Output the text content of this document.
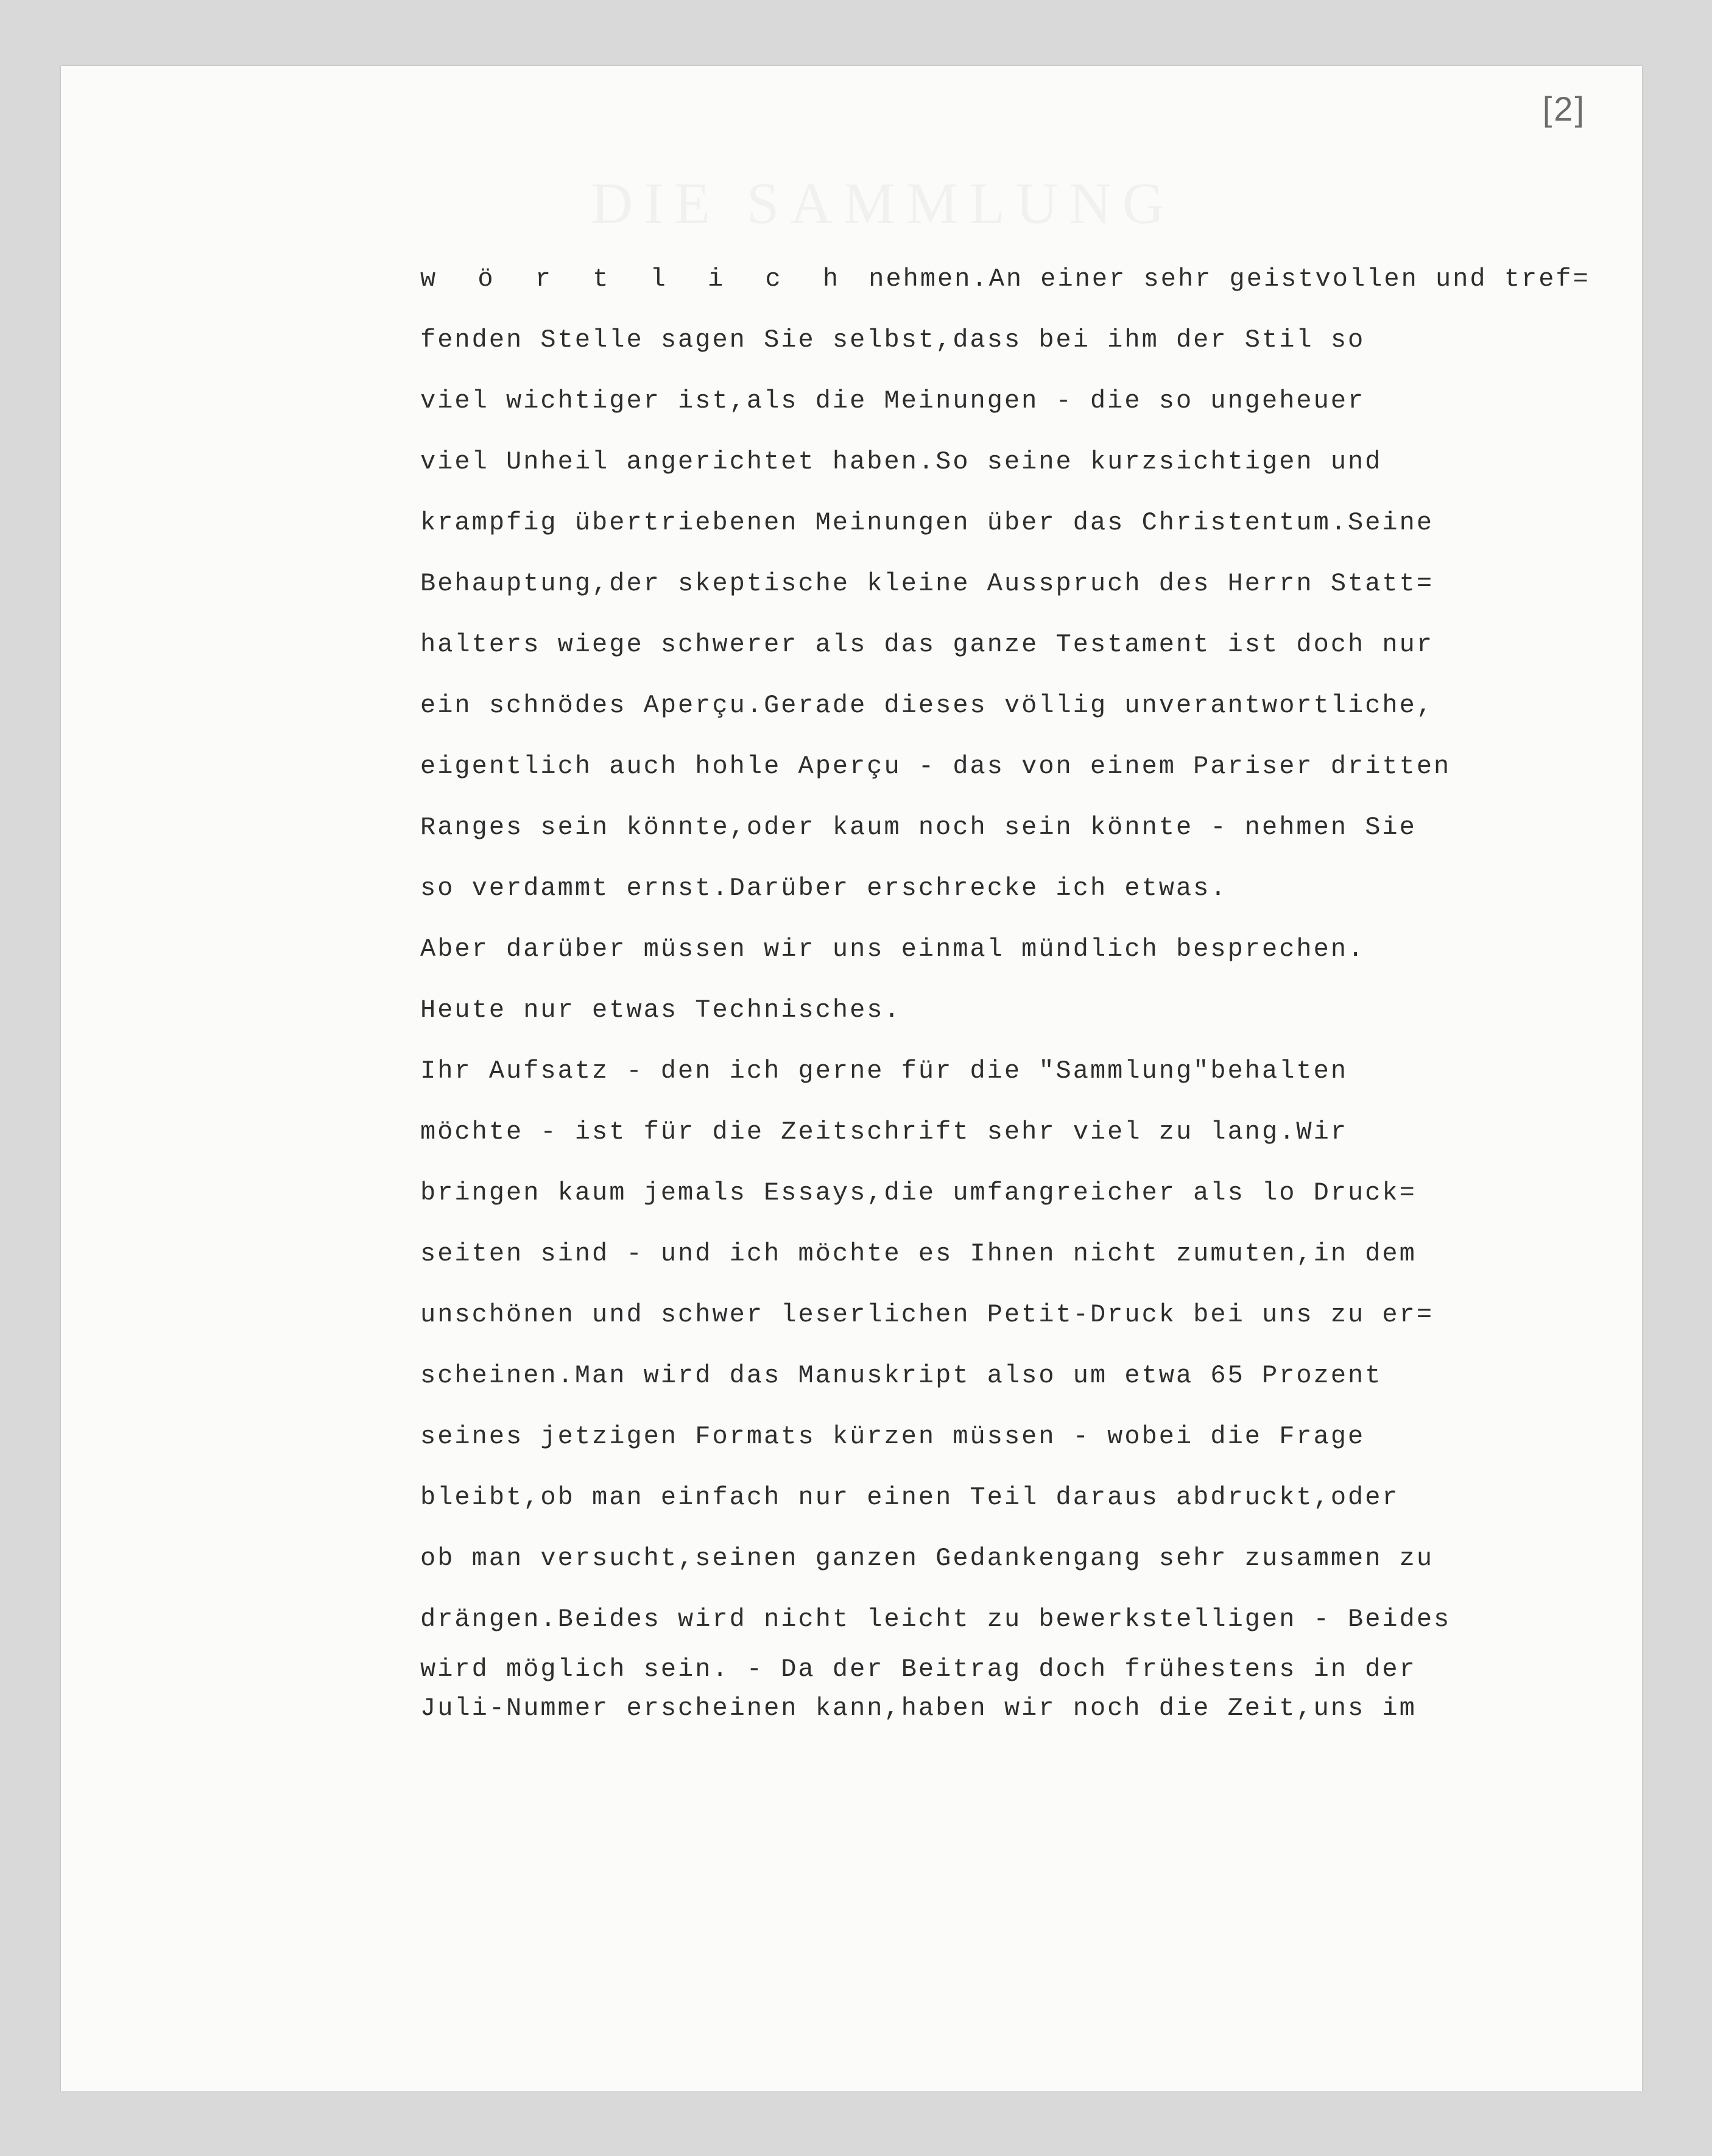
DIE SAMMLUNG
[2]
w ö r t l i c h nehmen.An einer sehr geistvollen und tref=
fenden Stelle sagen Sie selbst,dass bei ihm der Stil so
viel wichtiger ist,als die Meinungen - die so ungeheuer
viel Unheil angerichtet haben.So seine kurzsichtigen und
krampfig übertriebenen Meinungen über das Christentum.Seine
Behauptung,der skeptische kleine Ausspruch des Herrn Statt=
halters wiege schwerer als das ganze Testament ist doch nur
ein schnödes Aperçu.Gerade dieses völlig unverantwortliche,
eigentlich auch hohle Aperçu - das von einem Pariser dritten
Ranges sein könnte,oder kaum noch sein könnte - nehmen Sie
so verdammt ernst.Darüber erschrecke ich etwas.
Aber darüber müssen wir uns einmal mündlich besprechen.
Heute nur etwas Technisches.
Ihr Aufsatz - den ich gerne für die "Sammlung"behalten
möchte - ist für die Zeitschrift sehr viel zu lang.Wir
bringen kaum jemals Essays,die umfangreicher als lo Druck=
seiten sind - und ich möchte es Ihnen nicht zumuten,in dem
unschönen und schwer leserlichen Petit-Druck bei uns zu er=
scheinen.Man wird das Manuskript also um etwa 65 Prozent
seines jetzigen Formats kürzen müssen - wobei die Frage
bleibt,ob man einfach nur einen Teil daraus abdruckt,oder
ob man versucht,seinen ganzen Gedankengang sehr zusammen zu
drängen.Beides wird nicht leicht zu bewerkstelligen - Beides
wird möglich sein. - Da der Beitrag doch frühestens in der
Juli-Nummer erscheinen kann,haben wir noch die Zeit,uns im
